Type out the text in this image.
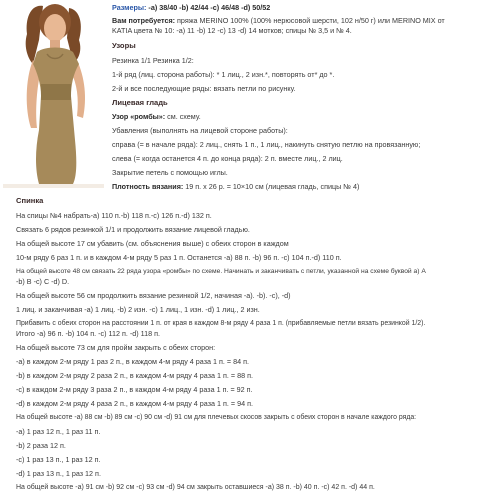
Размеры: -а) 38/40 -b) 42/44 -c) 46/48 -d) 50/52
Вам потребуется: пряжа MERINO 100% (100% нерюсовой шерсти, 102 н/50 г) или MERINO MIX от
KATIA цвета № 10: -а) 11 -b) 12 -c) 13 -d) 14 мотков; спицы № 3,5 и № 4.
Узоры
Резинка 1/1 Резинка 1/2:
1-й ряд (лиц. сторона работы): * 1 лиц., 2 изн.*, повторять от* до *.
2-й и все последующие ряды: вязать петли по рисунку.
Лицевая гладь
Узор «ромбы»: см. схему.
Убавления (выполнять на лицевой стороне работы):
справа (= в начале ряда): 2 лиц., снять 1 п., 1 лиц., накинуть снятую петлю на провязанную;
слева (= когда останется 4 п. до конца ряда): 2 п. вместе лиц., 2 лиц.
Закрытие петель с помощью иглы.
Плотность вязания: 19 п. х 26 р. = 10×10 см (лицевая гладь, спицы № 4)
Спинка
На спицы №4 набрать-а) 110 п.-b) 118 п.-с) 126 п.-d) 132 п.
Связать 6 рядов резинкой 1/1 и продолжить вязание лицевой гладью.
На общей высоте 17 см убавить (см. объяснения выше) с обеих сторон в каждом
10-м ряду 6 раз 1 п. и в каждом 4-м ряду 5 раз 1 п. Останется -а) 88 п. -b) 96 п. -с) 104 п.-d) 110 п.
На общей высоте 48 см связать 22 ряда узора «ромбы» по схеме. Начинать и заканчивать с петли, указанной на схеме буквой а) А
-b) В -с) С -d) D.
На общей высоте 56 см продолжить вязание резинкой 1/2, начиная -а). -b). -с), -d)
1 лиц. и заканчивая -а) 1 лиц. -b) 2 изн. -с) 1 лиц., 1 изн. -d) 1 лиц., 2 изн.
Прибавить с обеих сторон на расстоянии 1 п. от края в каждом 8-м ряду 4 раза 1 п. (прибавляемые петли вязать резинкой 1/2).
Итого -а) 96 п. -b) 104 п. -с) 112 п. -d) 118 п.
На общей высоте 73 см для пройм закрыть с обеих сторон:
-а) в каждом 2-м ряду 1 раз 2 п., в каждом 4-м ряду 4 раза 1 п. = 84 п.
-b) в каждом 2-м ряду 2 раза 2 п., в каждом 4-м ряду 4 раза 1 п. = 88 п.
-с) в каждом 2-м ряду 3 раза 2 п., в каждом 4-м ряду 4 раза 1 п. = 92 п.
-d) в каждом 2-м ряду 4 раза 2 п., в каждом 4-м ряду 4 раза 1 п. = 94 п.
На общей высоте -а) 88 см -b) 89 см -с) 90 см -d) 91 см для плечевых скосов закрыть с обеих сторон в начале каждого ряда:
-а) 1 раз 12 п., 1 раз 11 п.
-b) 2 раза 12 п.
-с) 1 раз 13 п., 1 раз 12 п.
-d) 1 раз 13 п., 1 раз 12 п.
На общей высоте -а) 91 см -b) 92 см -с) 93 см -d) 94 см закрыть оставшиеся -а) 38 п. -b) 40 п. -с) 42 п. -d) 44 п.
